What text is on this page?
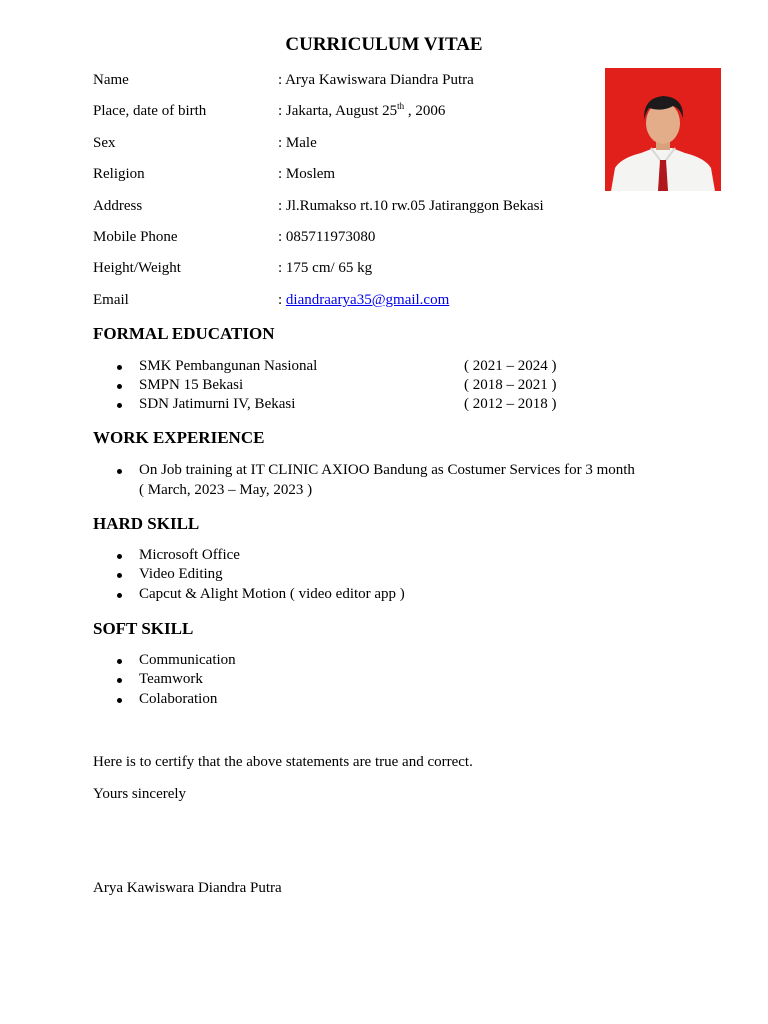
CURRICULUM VITAE
Name	: Arya Kawiswara Diandra Putra
Place, date of birth	: Jakarta, August 25th , 2006
Sex	: Male
Religion	: Moslem
Address	: Jl.Rumakso rt.10 rw.05 Jatiranggon Bekasi
Mobile Phone	: 085711973080
Height/Weight	: 175 cm/ 65 kg
Email	: diandraarya35@gmail.com
FORMAL EDUCATION
SMK Pembangunan Nasional	( 2021 – 2024 )
SMPN 15 Bekasi	( 2018 – 2021 )
SDN Jatimurni IV, Bekasi	( 2012 – 2018 )
WORK EXPERIENCE
On Job training at IT CLINIC AXIOO Bandung as Costumer Services for 3 month
( March, 2023 – May, 2023 )
HARD SKILL
Microsoft Office
Video Editing
Capcut & Alight Motion ( video editor app )
SOFT SKILL
Communication
Teamwork
Colaboration
Here is to certify that the above statements are true and correct.
Yours sincerely
Arya Kawiswara Diandra Putra
